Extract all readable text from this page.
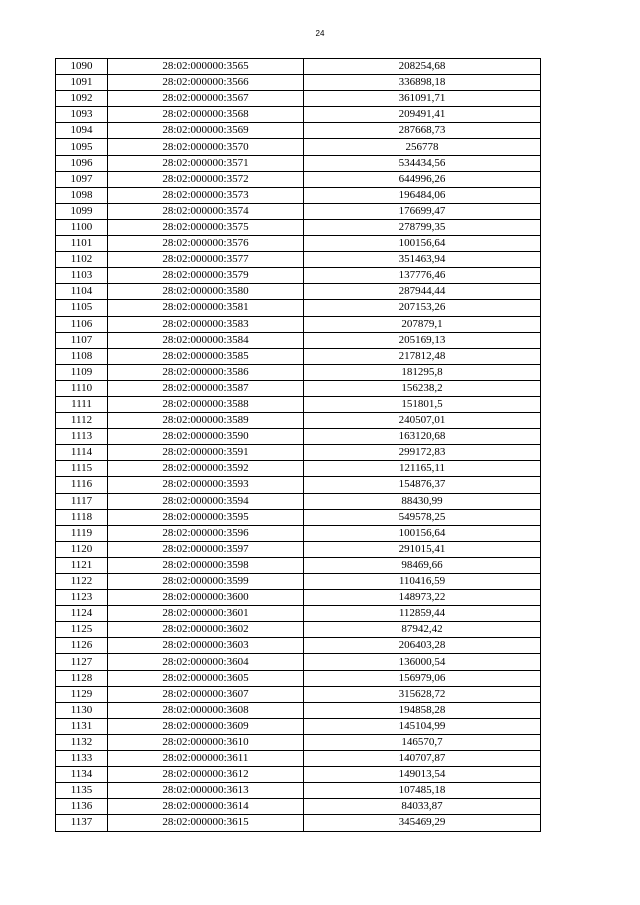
24
1090	28:02:000000:3565	208254,68
1091	28:02:000000:3566	336898,18
1092	28:02:000000:3567	361091,71
1093	28:02:000000:3568	209491,41
1094	28:02:000000:3569	287668,73
1095	28:02:000000:3570	256778
1096	28:02:000000:3571	534434,56
1097	28:02:000000:3572	644996,26
1098	28:02:000000:3573	196484,06
1099	28:02:000000:3574	176699,47
1100	28:02:000000:3575	278799,35
1101	28:02:000000:3576	100156,64
1102	28:02:000000:3577	351463,94
1103	28:02:000000:3579	137776,46
1104	28:02:000000:3580	287944,44
1105	28:02:000000:3581	207153,26
1106	28:02:000000:3583	207879,1
1107	28:02:000000:3584	205169,13
1108	28:02:000000:3585	217812,48
1109	28:02:000000:3586	181295,8
1110	28:02:000000:3587	156238,2
1111	28:02:000000:3588	151801,5
1112	28:02:000000:3589	240507,01
1113	28:02:000000:3590	163120,68
1114	28:02:000000:3591	299172,83
1115	28:02:000000:3592	121165,11
1116	28:02:000000:3593	154876,37
1117	28:02:000000:3594	88430,99
1118	28:02:000000:3595	549578,25
1119	28:02:000000:3596	100156,64
1120	28:02:000000:3597	291015,41
1121	28:02:000000:3598	98469,66
1122	28:02:000000:3599	110416,59
1123	28:02:000000:3600	148973,22
1124	28:02:000000:3601	112859,44
1125	28:02:000000:3602	87942,42
1126	28:02:000000:3603	206403,28
1127	28:02:000000:3604	136000,54
1128	28:02:000000:3605	156979,06
1129	28:02:000000:3607	315628,72
1130	28:02:000000:3608	194858,28
1131	28:02:000000:3609	145104,99
1132	28:02:000000:3610	146570,7
1133	28:02:000000:3611	140707,87
1134	28:02:000000:3612	149013,54
1135	28:02:000000:3613	107485,18
1136	28:02:000000:3614	84033,87
1137	28:02:000000:3615	345469,29
